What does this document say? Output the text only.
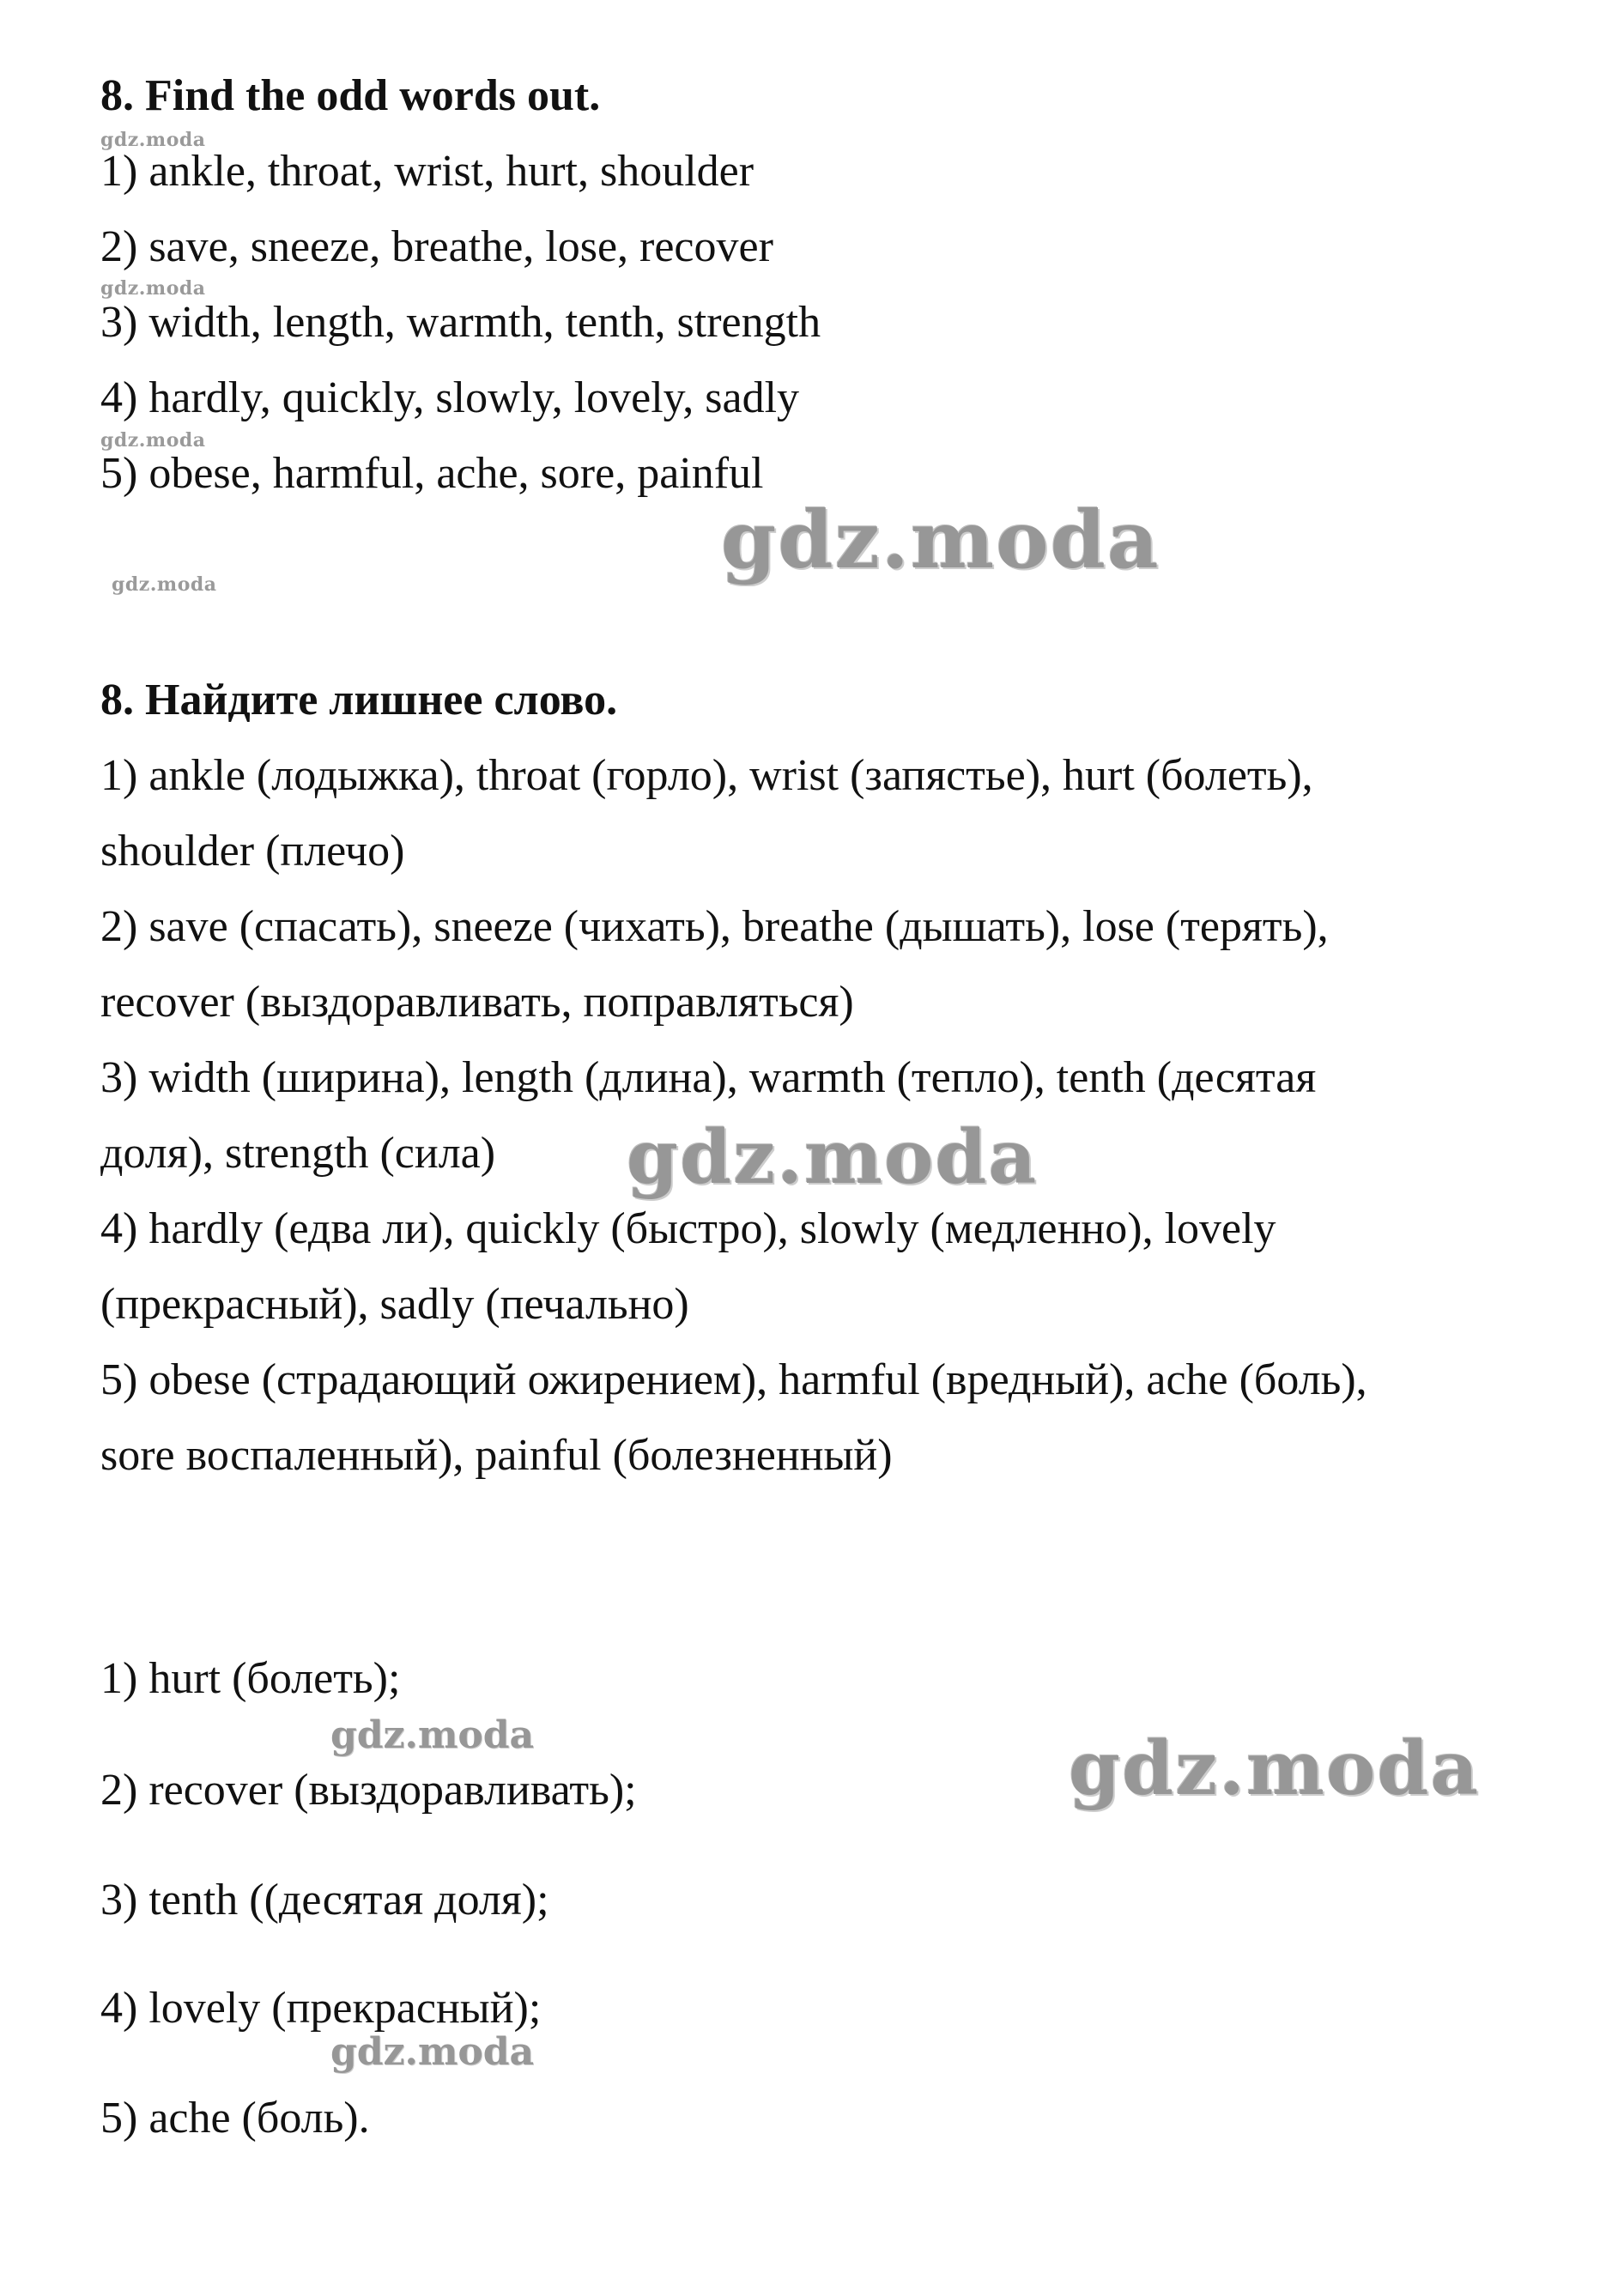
8. Find the odd words out.

gdz.moda

1) ankle, throat, wrist, hurt, shoulder

2) save, sneeze, breathe, lose, recover

gdz.moda

3) width, length, warmth, tenth, strength

4) hardly, quickly, slowly, lovely, sadly

gdz.moda

5) obese, harmful, ache, sore, painful

gdz.moda
gdz.moda

8. Найдите лишнее слово.

1) ankle (лодыжка), throat (горло), wrist (запястье), hurt (болеть),

shoulder (плечо)

2) save (спасать), sneeze (чихать), breathe (дышать), lose (терять),

recover (выздоравливать, поправляться)

3) width (ширина), length (длина), warmth (тепло), tenth (десятая

доля), strength (сила) gdz.moda

4) hardly (едва ли), quickly (быстро), slowly (медленно), lovely

(прекрасный), sadly (печально)

5) obese (страдающий ожирением), harmful (вредный), ache (боль),

sore воспаленный), painful (болезненный)

1) hurt (болеть);

gdz.moda	gdz.moda

2) recover (выздоравливать);

3) tenth ((десятая доля);

4) lovely (прекрасный);

gdz.moda

5) ache (боль).
